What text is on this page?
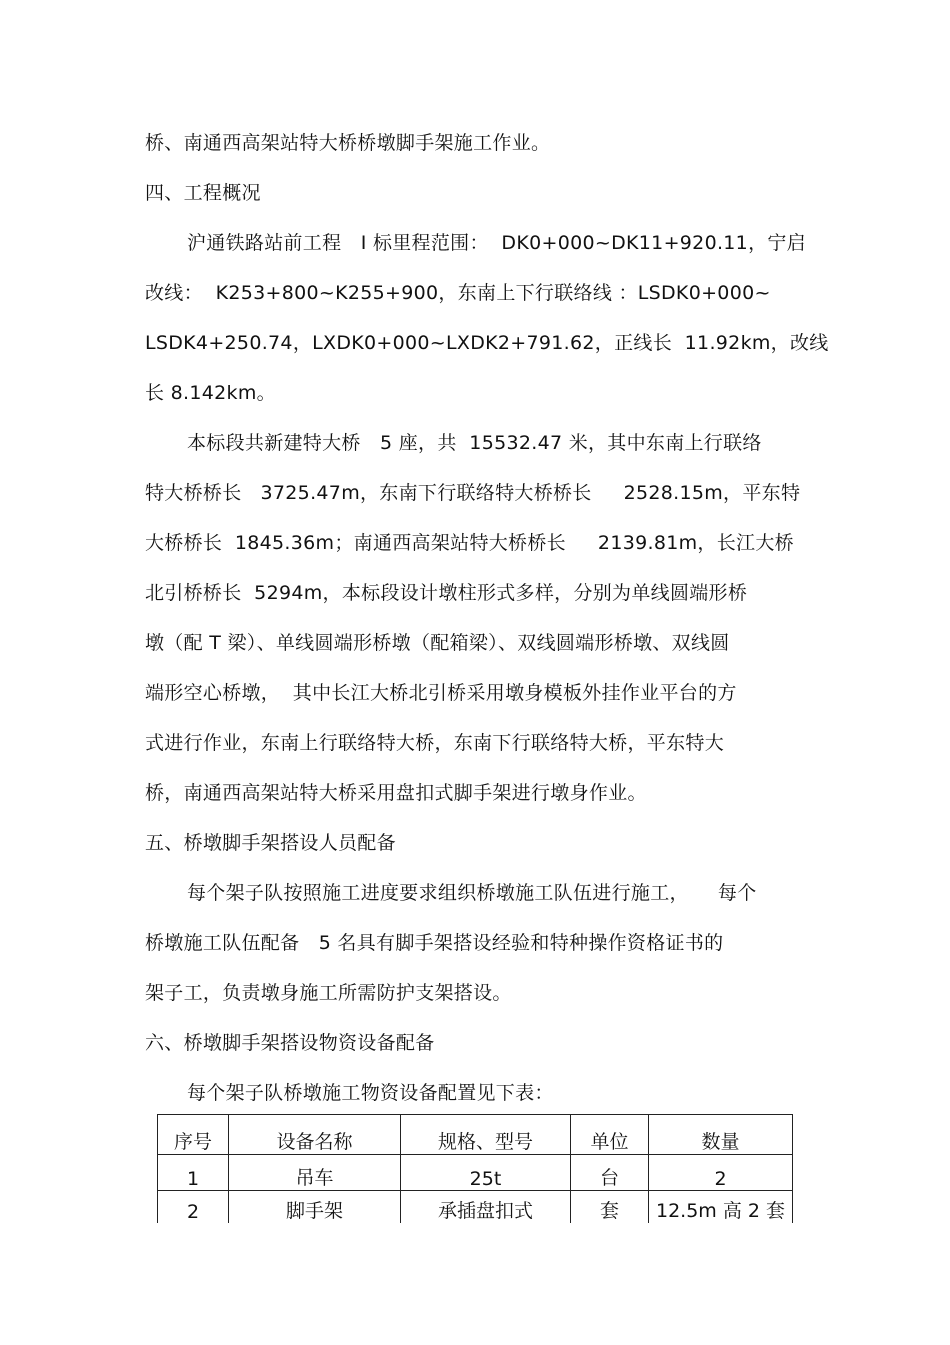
桥、南通西高架站特大桥桥墩脚手架施工作业。
四、工程概况
沪通铁路站前工程　I 标里程范围：  DK0+000~DK11+920.11，宁启
改线：  K253+800~K255+900，东南上下行联络线 ：LSDK0+000~
LSDK4+250.74，LXDK0+000~LXDK2+791.62，正线长  11.92km，改线
长 8.142km。
本标段共新建特大桥　5 座，共  15532.47 米，其中东南上行联络
特大桥桥长   3725.47m，东南下行联络特大桥桥长　  2528.15m，平东特
大桥桥长  1845.36m；南通西高架站特大桥桥长　  2139.81m，长江大桥
北引桥桥长  5294m，本标段设计墩柱形式多样，分别为单线圆端形桥
墩（配 T 梁）、单线圆端形桥墩（配箱梁）、双线圆端形桥墩、双线圆
端形空心桥墩，  其中长江大桥北引桥采用墩身模板外挂作业平台的方
式进行作业，东南上行联络特大桥，东南下行联络特大桥，平东特大
桥，南通西高架站特大桥采用盘扣式脚手架进行墩身作业。
五、桥墩脚手架搭设人员配备
每个架子队按照施工进度要求组织桥墩施工队伍进行施工，　　每个
桥墩施工队伍配备　5 名具有脚手架搭设经验和特种操作资格证书的
架子工，负责墩身施工所需防护支架搭设。
六、桥墩脚手架搭设物资设备配备
每个架子队桥墩施工物资设备配置见下表：
序号	设备名称	规格、型号	单位	数量
1	吊车	25t	台	2
2	脚手架	承插盘扣式	套	12.5m 高 2 套
